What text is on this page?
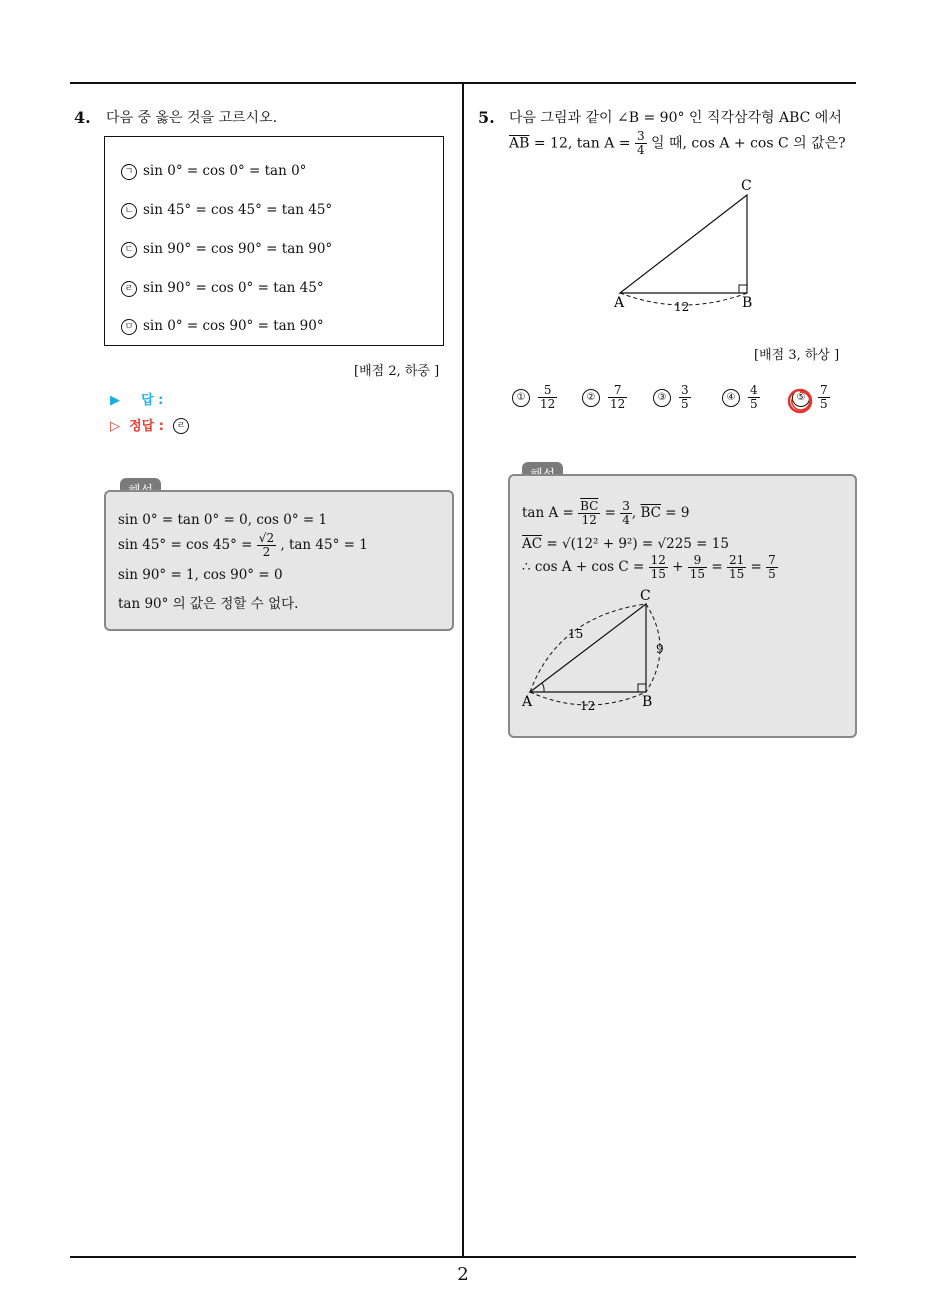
4. 다음 중 옳은 것을 고르시오.
ㄱ sin 0° = cos 0° = tan 0°
ㄴ sin 45° = cos 45° = tan 45°
ㄷ sin 90° = cos 90° = tan 90°
ㄹ sin 90° = cos 0° = tan 45°
ㅁ sin 0° = cos 90° = tan 90°
[배점 2, 하중 ]
▶ 답 :
▷ 정답 : ㄹ
sin 0° = tan 0° = 0, cos 0° = 1
$\sin 45^\circ = \cos 45^\circ = \frac{√2}{2}$ , tan 45° = 1
sin 90° = 1, cos 90° = 0
tan 90° 의 값은 정할 수 없다.
5. 다음 그림과 같이 ∠B = 90° 인 직각삼각형 ABC 에서
$\overline{AB} = 12$, $\tan A = \frac{3}{4}$ 일 때, cos A + cos C 의 값은?
C
A	B
12
[배점 3, 하상 ]
① $\frac{5}{12}$	② $\frac{7}{12}$	③ $\frac{3}{5}$	④ $\frac{4}{5}$	⑤ $\frac{7}{5}$
$\tan A = \frac{\overline{BC}}{12} = \frac{3}{4}$ , $\overline{BC} = 9$
$\overline{AC} = √(12^2 + 9^2) = √225 = 15$
∴ $\cos A + \cos C = \frac{12}{15} + \frac{9}{15} = \frac{21}{15} = \frac{7}{5}$
C
A	B
15
9
12
2
